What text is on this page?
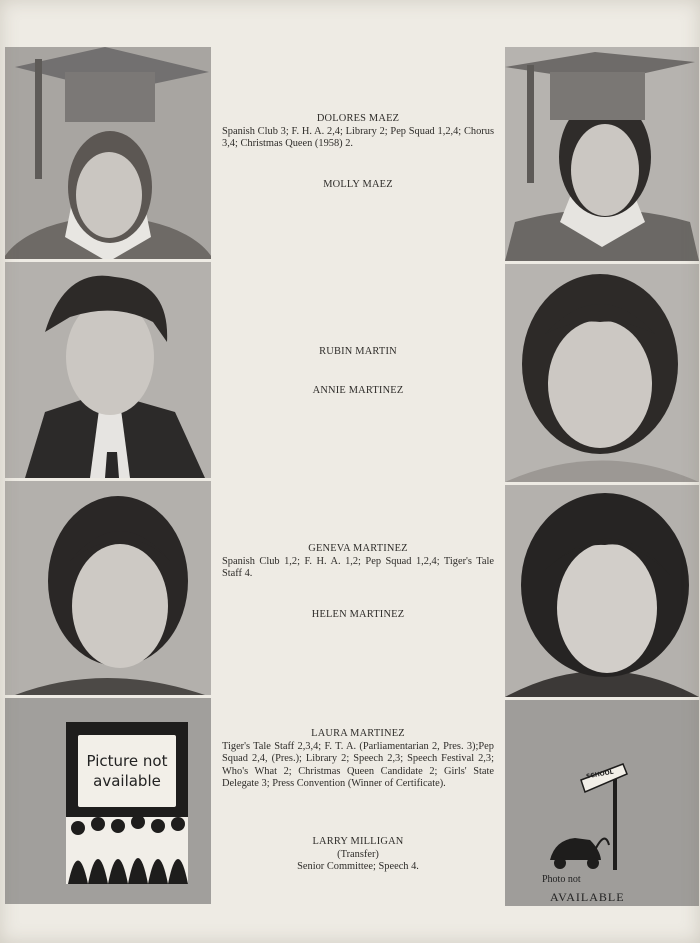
Picture not available	SCHOOL
Photo not
AVAILABLE
DOLORES MAEZ
Spanish Club 3; F. H. A. 2,4; Library 2; Pep Squad 1,2,4; Chorus 3,4; Christmas Queen (1958) 2.
MOLLY MAEZ
RUBIN MARTIN
ANNIE MARTINEZ
GENEVA MARTINEZ
Spanish Club 1,2; F. H. A. 1,2; Pep Squad 1,2,4; Tiger's Tale Staff 4.
HELEN MARTINEZ
LAURA MARTINEZ
Tiger's Tale Staff 2,3,4; F. T. A. (Parliamentarian 2, Pres. 3);Pep Squad 2,4, (Pres.); Library 2; Speech 2,3; Speech Festival 2,3; Who's What 2; Christmas Queen Candidate 2; Girls' State Delegate 3; Press Convention (Winner of Certificate).
LARRY MILLIGAN
(Transfer)
Senior Committee; Speech 4.
